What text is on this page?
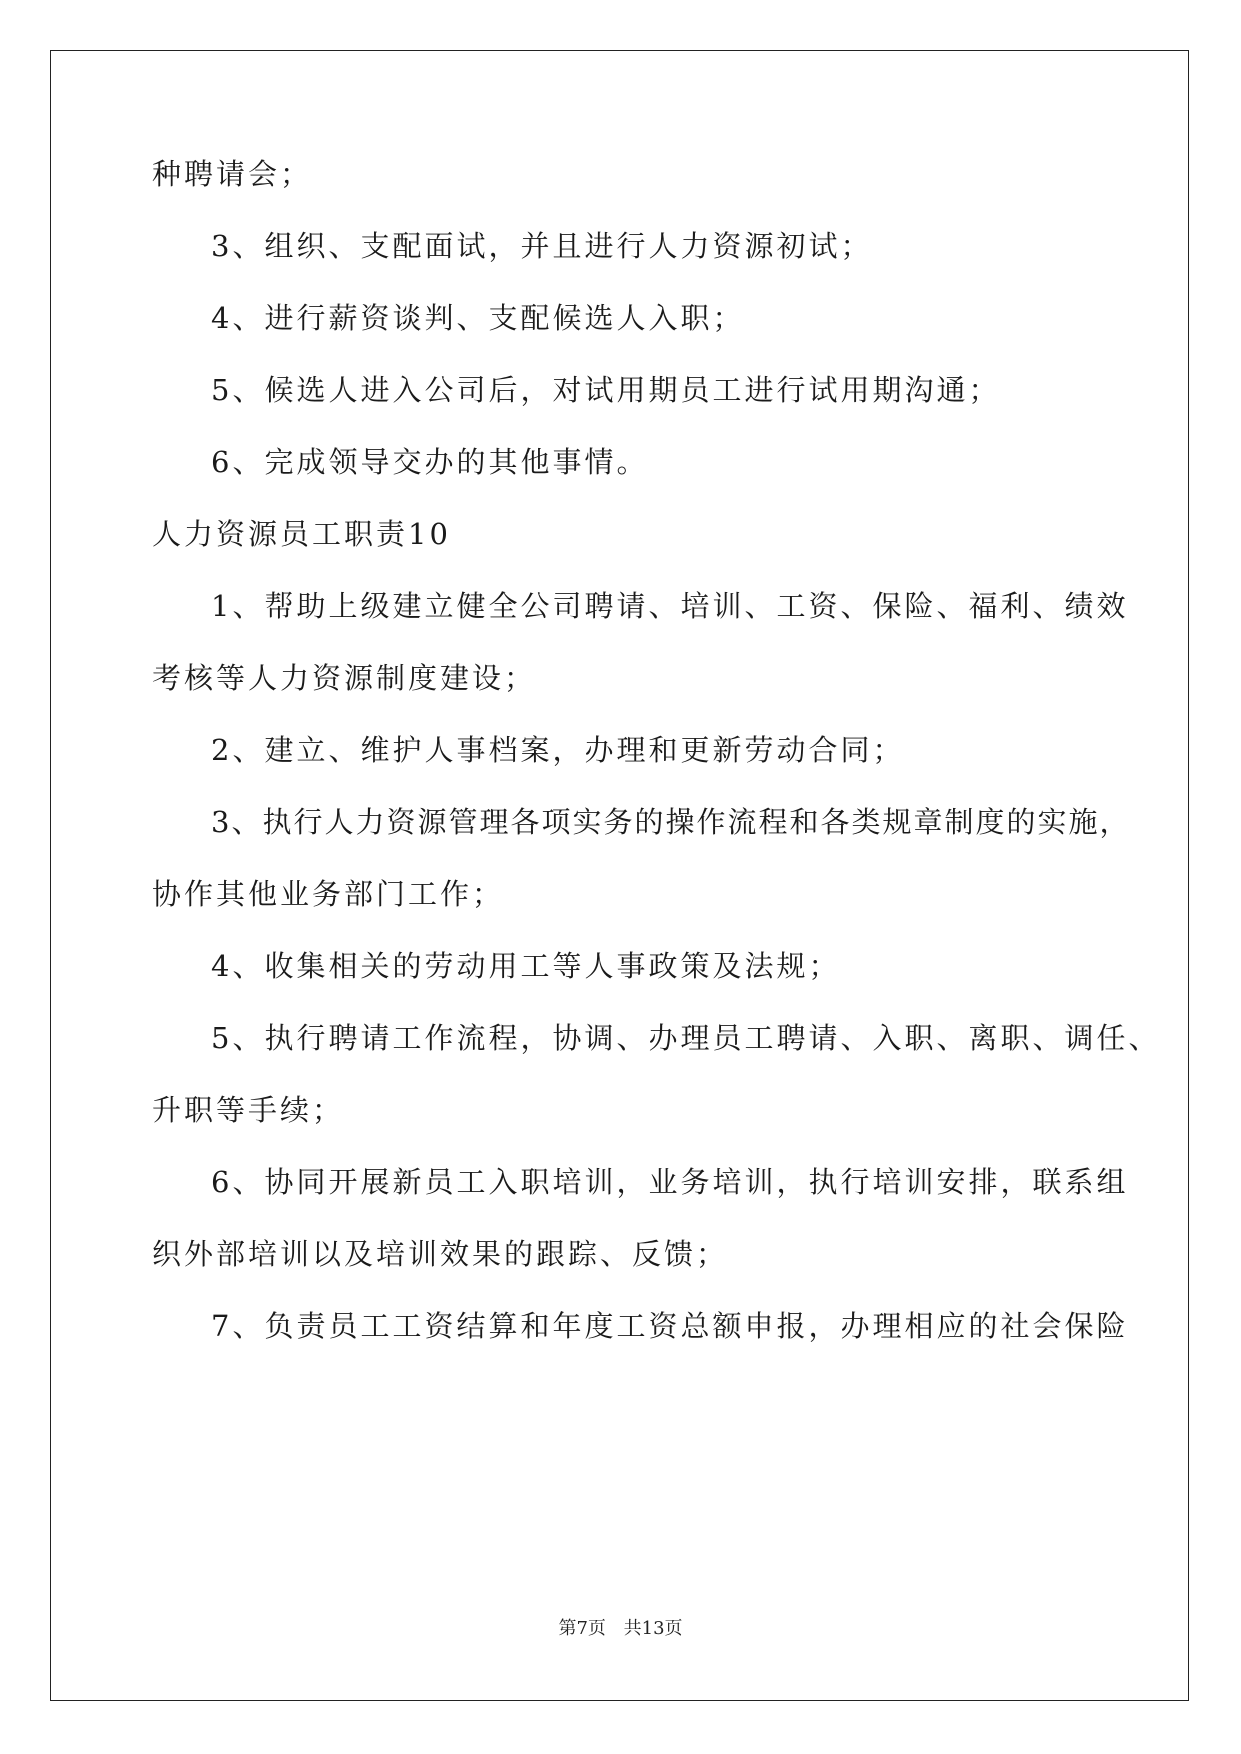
种聘请会；
3、组织、支配面试，并且进行人力资源初试；
4、进行薪资谈判、支配候选人入职；
5、候选人进入公司后，对试用期员工进行试用期沟通；
6、完成领导交办的其他事情。
人力资源员工职责10
1、帮助上级建立健全公司聘请、培训、工资、保险、福利、绩效
考核等人力资源制度建设；
2、建立、维护人事档案，办理和更新劳动合同；
3、执行人力资源管理各项实务的操作流程和各类规章制度的实施，
协作其他业务部门工作；
4、收集相关的劳动用工等人事政策及法规；
5、执行聘请工作流程，协调、办理员工聘请、入职、离职、调任、
升职等手续；
6、协同开展新员工入职培训，业务培训，执行培训安排，联系组
织外部培训以及培训效果的跟踪、反馈；
7、负责员工工资结算和年度工资总额申报，办理相应的社会保险
第7页 共13页
